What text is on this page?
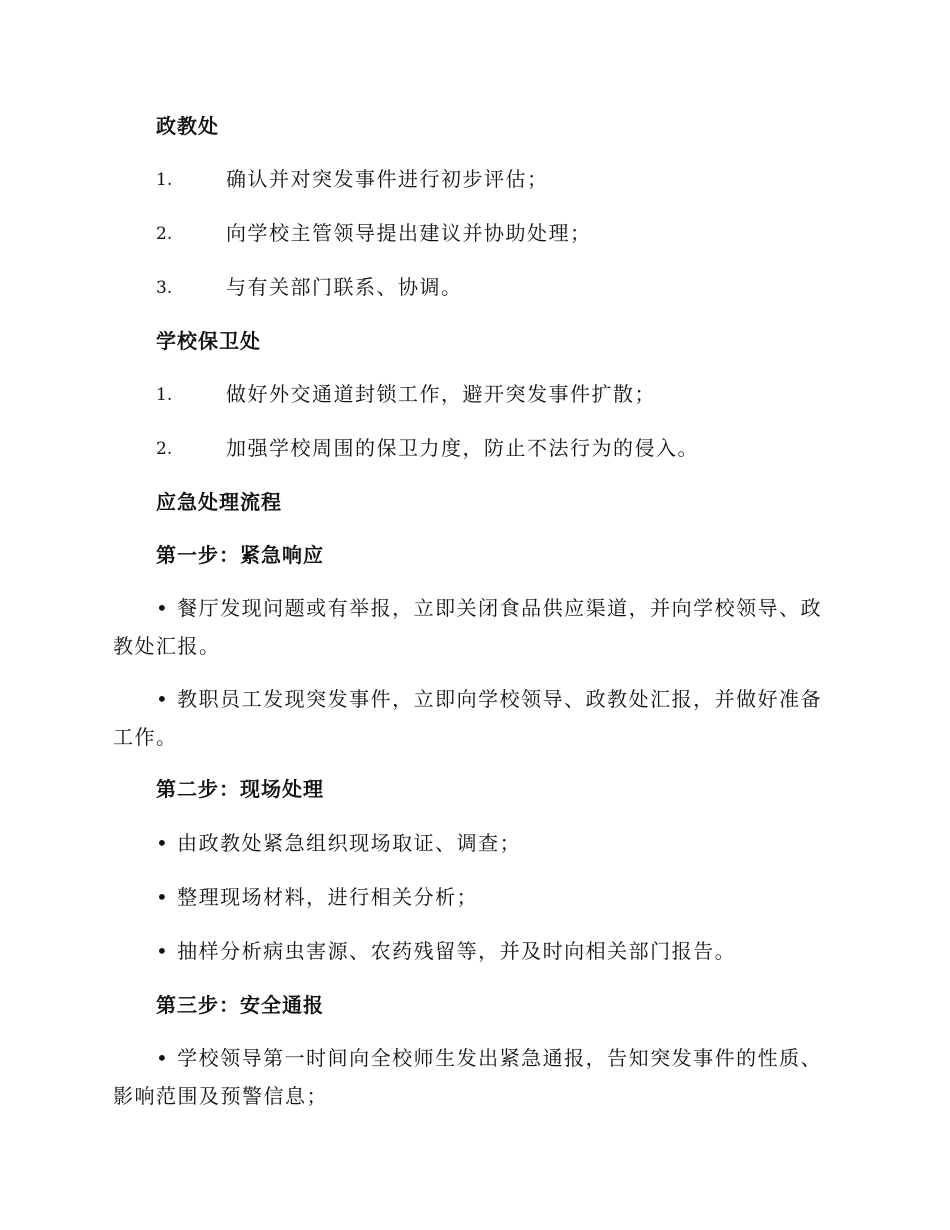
政教处
1.	确认并对突发事件进行初步评估；
2.	向学校主管领导提出建议并协助处理；
3.	与有关部门联系、协调。
学校保卫处
1.	做好外交通道封锁工作，避开突发事件扩散；
2.	加强学校周围的保卫力度，防止不法行为的侵入。
应急处理流程
第一步：紧急响应
• 餐厅发现问题或有举报，立即关闭食品供应渠道，并向学校领导、政
教处汇报。
• 教职员工发现突发事件，立即向学校领导、政教处汇报，并做好准备
工作。
第二步：现场处理
• 由政教处紧急组织现场取证、调查；
• 整理现场材料，进行相关分析；
• 抽样分析病虫害源、农药残留等，并及时向相关部门报告。
第三步：安全通报
• 学校领导第一时间向全校师生发出紧急通报，告知突发事件的性质、
影响范围及预警信息；
